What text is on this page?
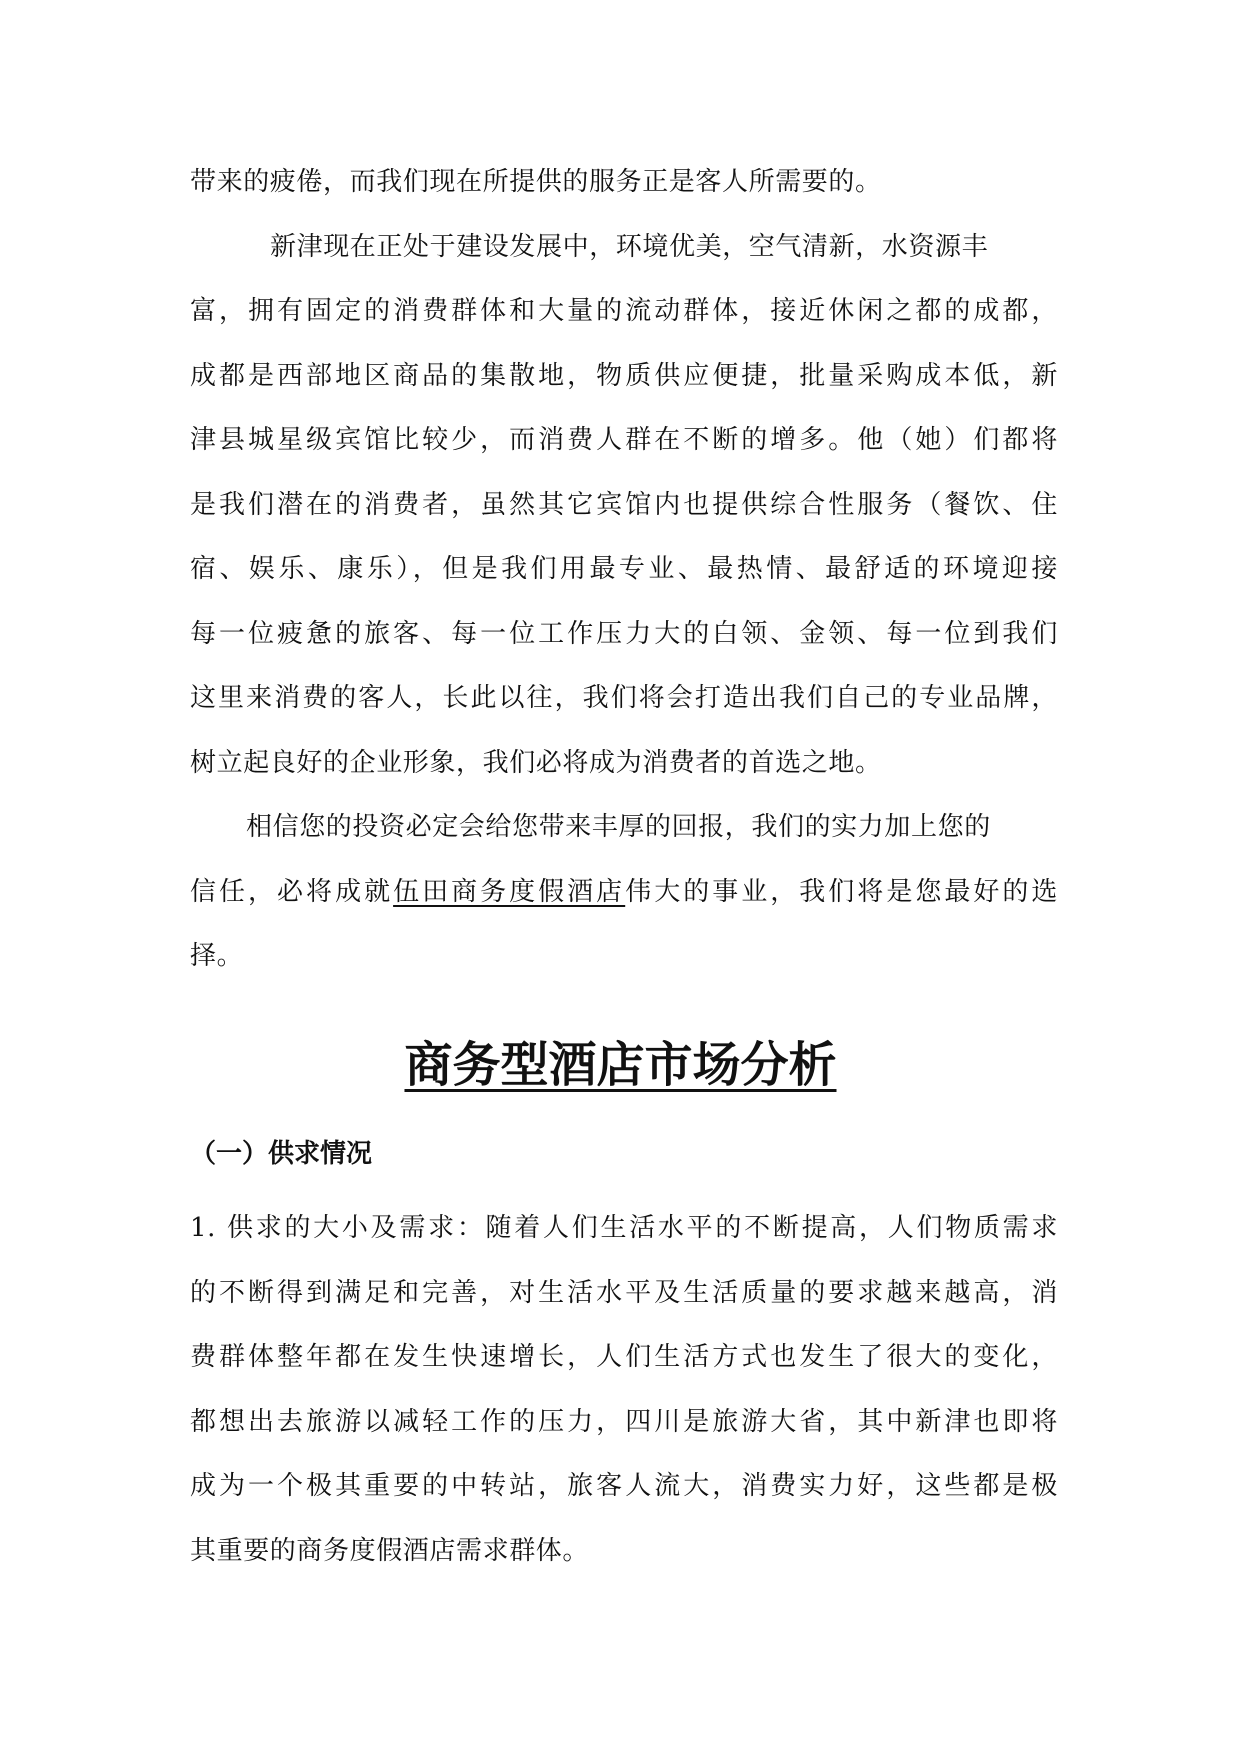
带来的疲倦，而我们现在所提供的服务正是客人所需要的。
新津现在正处于建设发展中，环境优美，空气清新，水资源丰
富，拥有固定的消费群体和大量的流动群体，接近休闲之都的成都，
成都是西部地区商品的集散地，物质供应便捷，批量采购成本低，新
津县城星级宾馆比较少，而消费人群在不断的增多。他（她）们都将
是我们潜在的消费者，虽然其它宾馆内也提供综合性服务（餐饮、住
宿、娱乐、康乐），但是我们用最专业、最热情、最舒适的环境迎接
每一位疲惫的旅客、每一位工作压力大的白领、金领、每一位到我们
这里来消费的客人，长此以往，我们将会打造出我们自己的专业品牌，
树立起良好的企业形象，我们必将成为消费者的首选之地。
相信您的投资必定会给您带来丰厚的回报，我们的实力加上您的
信任，必将成就伍田商务度假酒店伟大的事业，我们将是您最好的选
择。
商务型酒店市场分析
（一）供求情况
1. 供求的大小及需求：随着人们生活水平的不断提高，人们物质需求
的不断得到满足和完善，对生活水平及生活质量的要求越来越高，消
费群体整年都在发生快速增长，人们生活方式也发生了很大的变化，
都想出去旅游以减轻工作的压力，四川是旅游大省，其中新津也即将
成为一个极其重要的中转站，旅客人流大，消费实力好，这些都是极
其重要的商务度假酒店需求群体。
